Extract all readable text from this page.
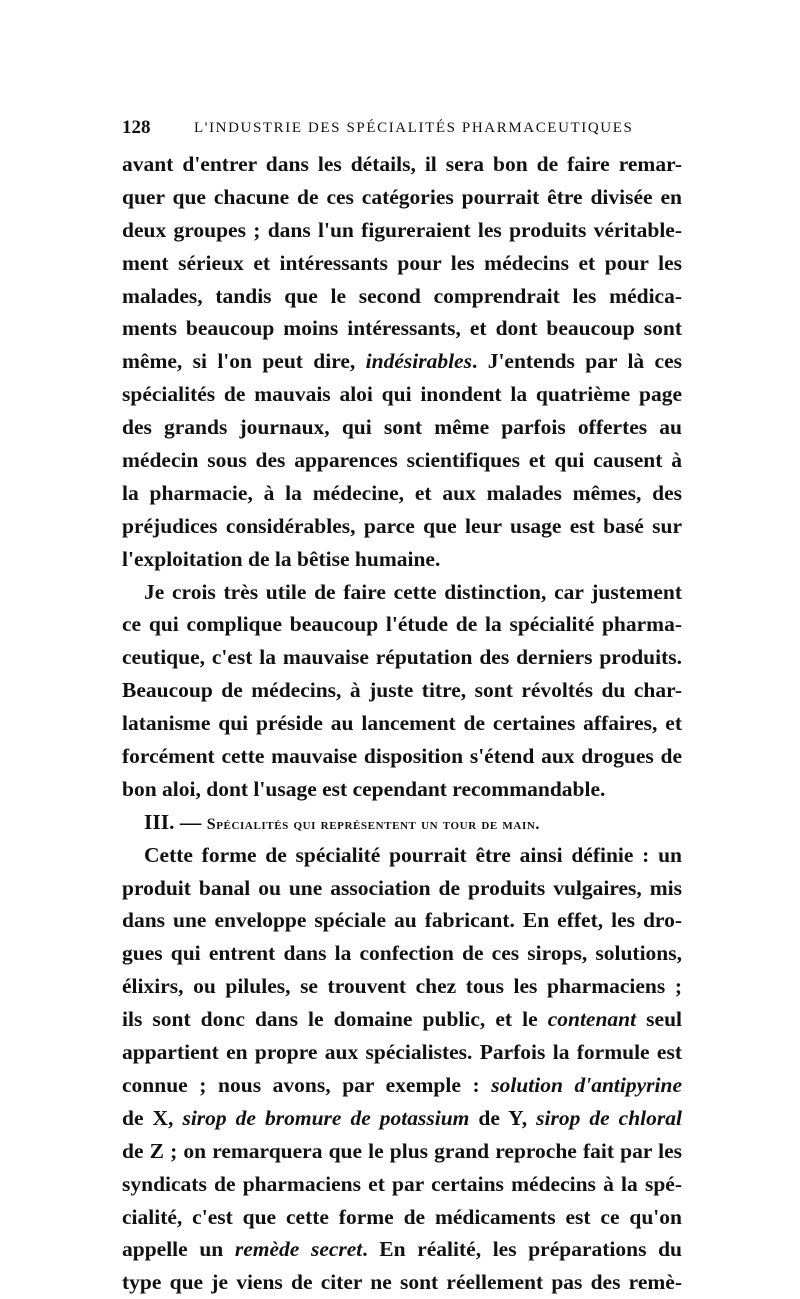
128	L'INDUSTRIE DES SPÉCIALITÉS PHARMACEUTIQUES
avant d'entrer dans les détails, il sera bon de faire remar-
quer que chacune de ces catégories pourrait être divisée en
deux groupes ; dans l'un figureraient les produits véritable-
ment sérieux et intéressants pour les médecins et pour les
malades, tandis que le second comprendrait les médica-
ments beaucoup moins intéressants, et dont beaucoup sont
même, si l'on peut dire, indésirables. J'entends par là ces
spécialités de mauvais aloi qui inondent la quatrième page
des grands journaux, qui sont même parfois offertes au
médecin sous des apparences scientifiques et qui causent à
la pharmacie, à la médecine, et aux malades mêmes, des
préjudices considérables, parce que leur usage est basé sur
l'exploitation de la bêtise humaine.
Je crois très utile de faire cette distinction, car justement
ce qui complique beaucoup l'étude de la spécialité pharma-
ceutique, c'est la mauvaise réputation des derniers produits.
Beaucoup de médecins, à juste titre, sont révoltés du char-
latanisme qui préside au lancement de certaines affaires, et
forcément cette mauvaise disposition s'étend aux drogues de
bon aloi, dont l'usage est cependant recommandable.
III. — Spécialités qui représentent un tour de main.
Cette forme de spécialité pourrait être ainsi définie : un
produit banal ou une association de produits vulgaires, mis
dans une enveloppe spéciale au fabricant. En effet, les dro-
gues qui entrent dans la confection de ces sirops, solutions,
élixirs, ou pilules, se trouvent chez tous les pharmaciens ;
ils sont donc dans le domaine public, et le contenant seul
appartient en propre aux spécialistes. Parfois la formule est
connue ; nous avons, par exemple : solution d'antipyrine
de X, sirop de bromure de potassium de Y, sirop de chloral
de Z ; on remarquera que le plus grand reproche fait par les
syndicats de pharmaciens et par certains médecins à la spé-
cialité, c'est que cette forme de médicaments est ce qu'on
appelle un remède secret. En réalité, les préparations du
type que je viens de citer ne sont réellement pas des remè-
